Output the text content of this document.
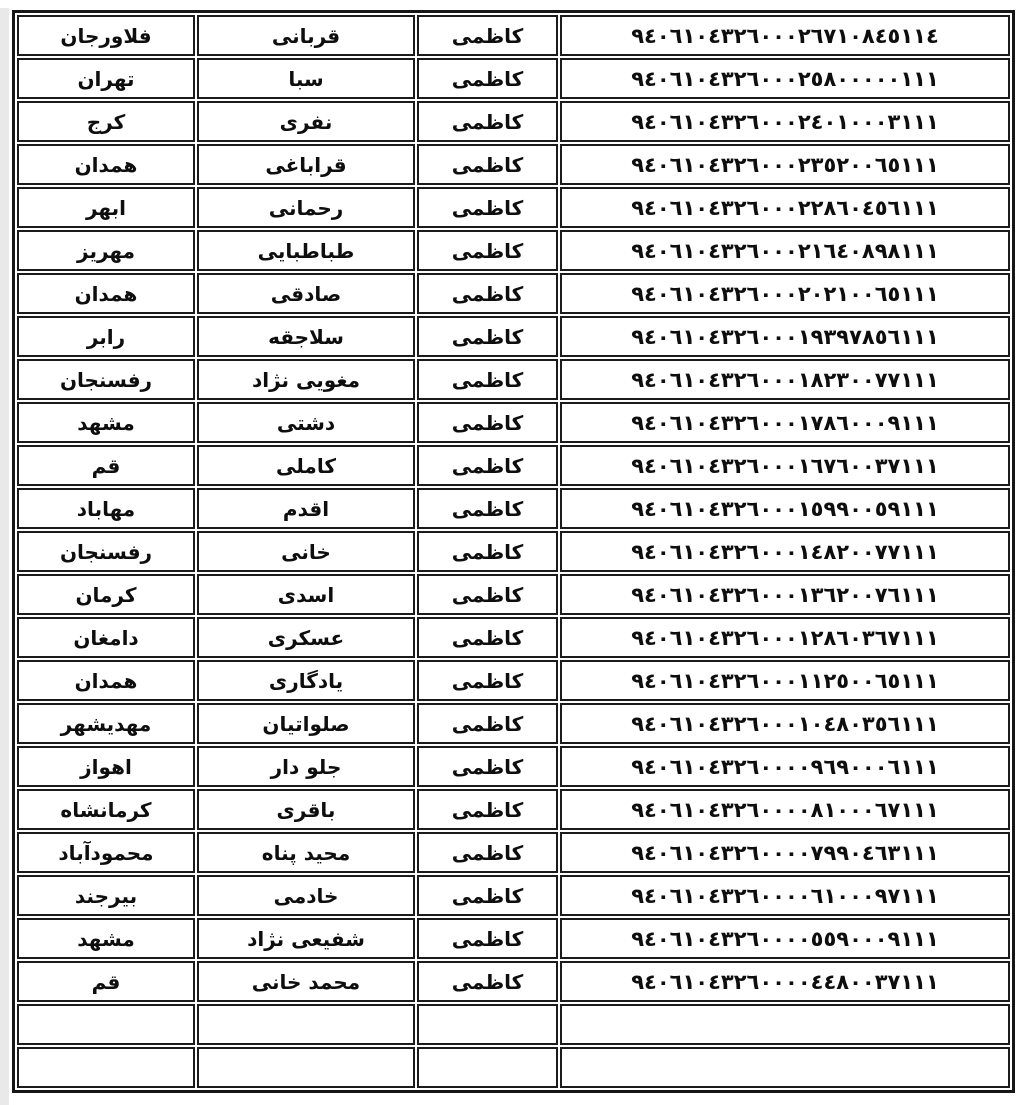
٩٤٠٦١٠٤٣٢٦٠٠٠٢٦٧١٠٨٤٥١١٤	کاظمی	قربانی	فلاورجان
٩٤٠٦١٠٤٣٢٦٠٠٠٢٥٨٠٠٠٠٠١١١	کاظمی	سبا	تهران
٩٤٠٦١٠٤٣٢٦٠٠٠٢٤٠١٠٠٠٣١١١	کاظمی	نفری	کرج
٩٤٠٦١٠٤٣٢٦٠٠٠٢٣٥٢٠٠٦٥١١١	کاظمی	قراباغی	همدان
٩٤٠٦١٠٤٣٢٦٠٠٠٢٢٨٦٠٤٥٦١١١	کاظمی	رحمانی	ابهر
٩٤٠٦١٠٤٣٢٦٠٠٠٢١٦٤٠٨٩٨١١١	کاظمی	طباطبایی	مهریز
٩٤٠٦١٠٤٣٢٦٠٠٠٢٠٢١٠٠٦٥١١١	کاظمی	صادقی	همدان
٩٤٠٦١٠٤٣٢٦٠٠٠١٩٣٩٧٨٥٦١١١	کاظمی	سلاجقه	رابر
٩٤٠٦١٠٤٣٢٦٠٠٠١٨٢٣٠٠٧٧١١١	کاظمی	مغویی نژاد	رفسنجان
٩٤٠٦١٠٤٣٢٦٠٠٠١٧٨٦٠٠٠٩١١١	کاظمی	دشتی	مشهد
٩٤٠٦١٠٤٣٢٦٠٠٠١٦٧٦٠٠٣٧١١١	کاظمی	کاملی	قم
٩٤٠٦١٠٤٣٢٦٠٠٠١٥٩٩٠٠٥٩١١١	کاظمی	اقدم	مهاباد
٩٤٠٦١٠٤٣٢٦٠٠٠١٤٨٢٠٠٧٧١١١	کاظمی	خانی	رفسنجان
٩٤٠٦١٠٤٣٢٦٠٠٠١٣٦٢٠٠٧٦١١١	کاظمی	اسدی	کرمان
٩٤٠٦١٠٤٣٢٦٠٠٠١٢٨٦٠٣٦٧١١١	کاظمی	عسکری	دامغان
٩٤٠٦١٠٤٣٢٦٠٠٠١١٢٥٠٠٦٥١١١	کاظمی	یادگاری	همدان
٩٤٠٦١٠٤٣٢٦٠٠٠١٠٤٨٠٣٥٦١١١	کاظمی	صلواتیان	مهدیشهر
٩٤٠٦١٠٤٣٢٦٠٠٠٠٩٦٩٠٠٠٦١١١	کاظمی	جلو دار	اهواز
٩٤٠٦١٠٤٣٢٦٠٠٠٠٨١٠٠٠٦٧١١١	کاظمی	باقری	کرمانشاه
٩٤٠٦١٠٤٣٢٦٠٠٠٠٧٩٩٠٤٦٣١١١	کاظمی	محید پناه	محمودآباد
٩٤٠٦١٠٤٣٢٦٠٠٠٠٦١٠٠٠٩٧١١١	کاظمی	خادمی	بیرجند
٩٤٠٦١٠٤٣٢٦٠٠٠٠٥٥٩٠٠٠٩١١١	کاظمی	شفیعی نژاد	مشهد
٩٤٠٦١٠٤٣٢٦٠٠٠٠٤٤٨٠٠٣٧١١١	کاظمی	محمد خانی	قم
